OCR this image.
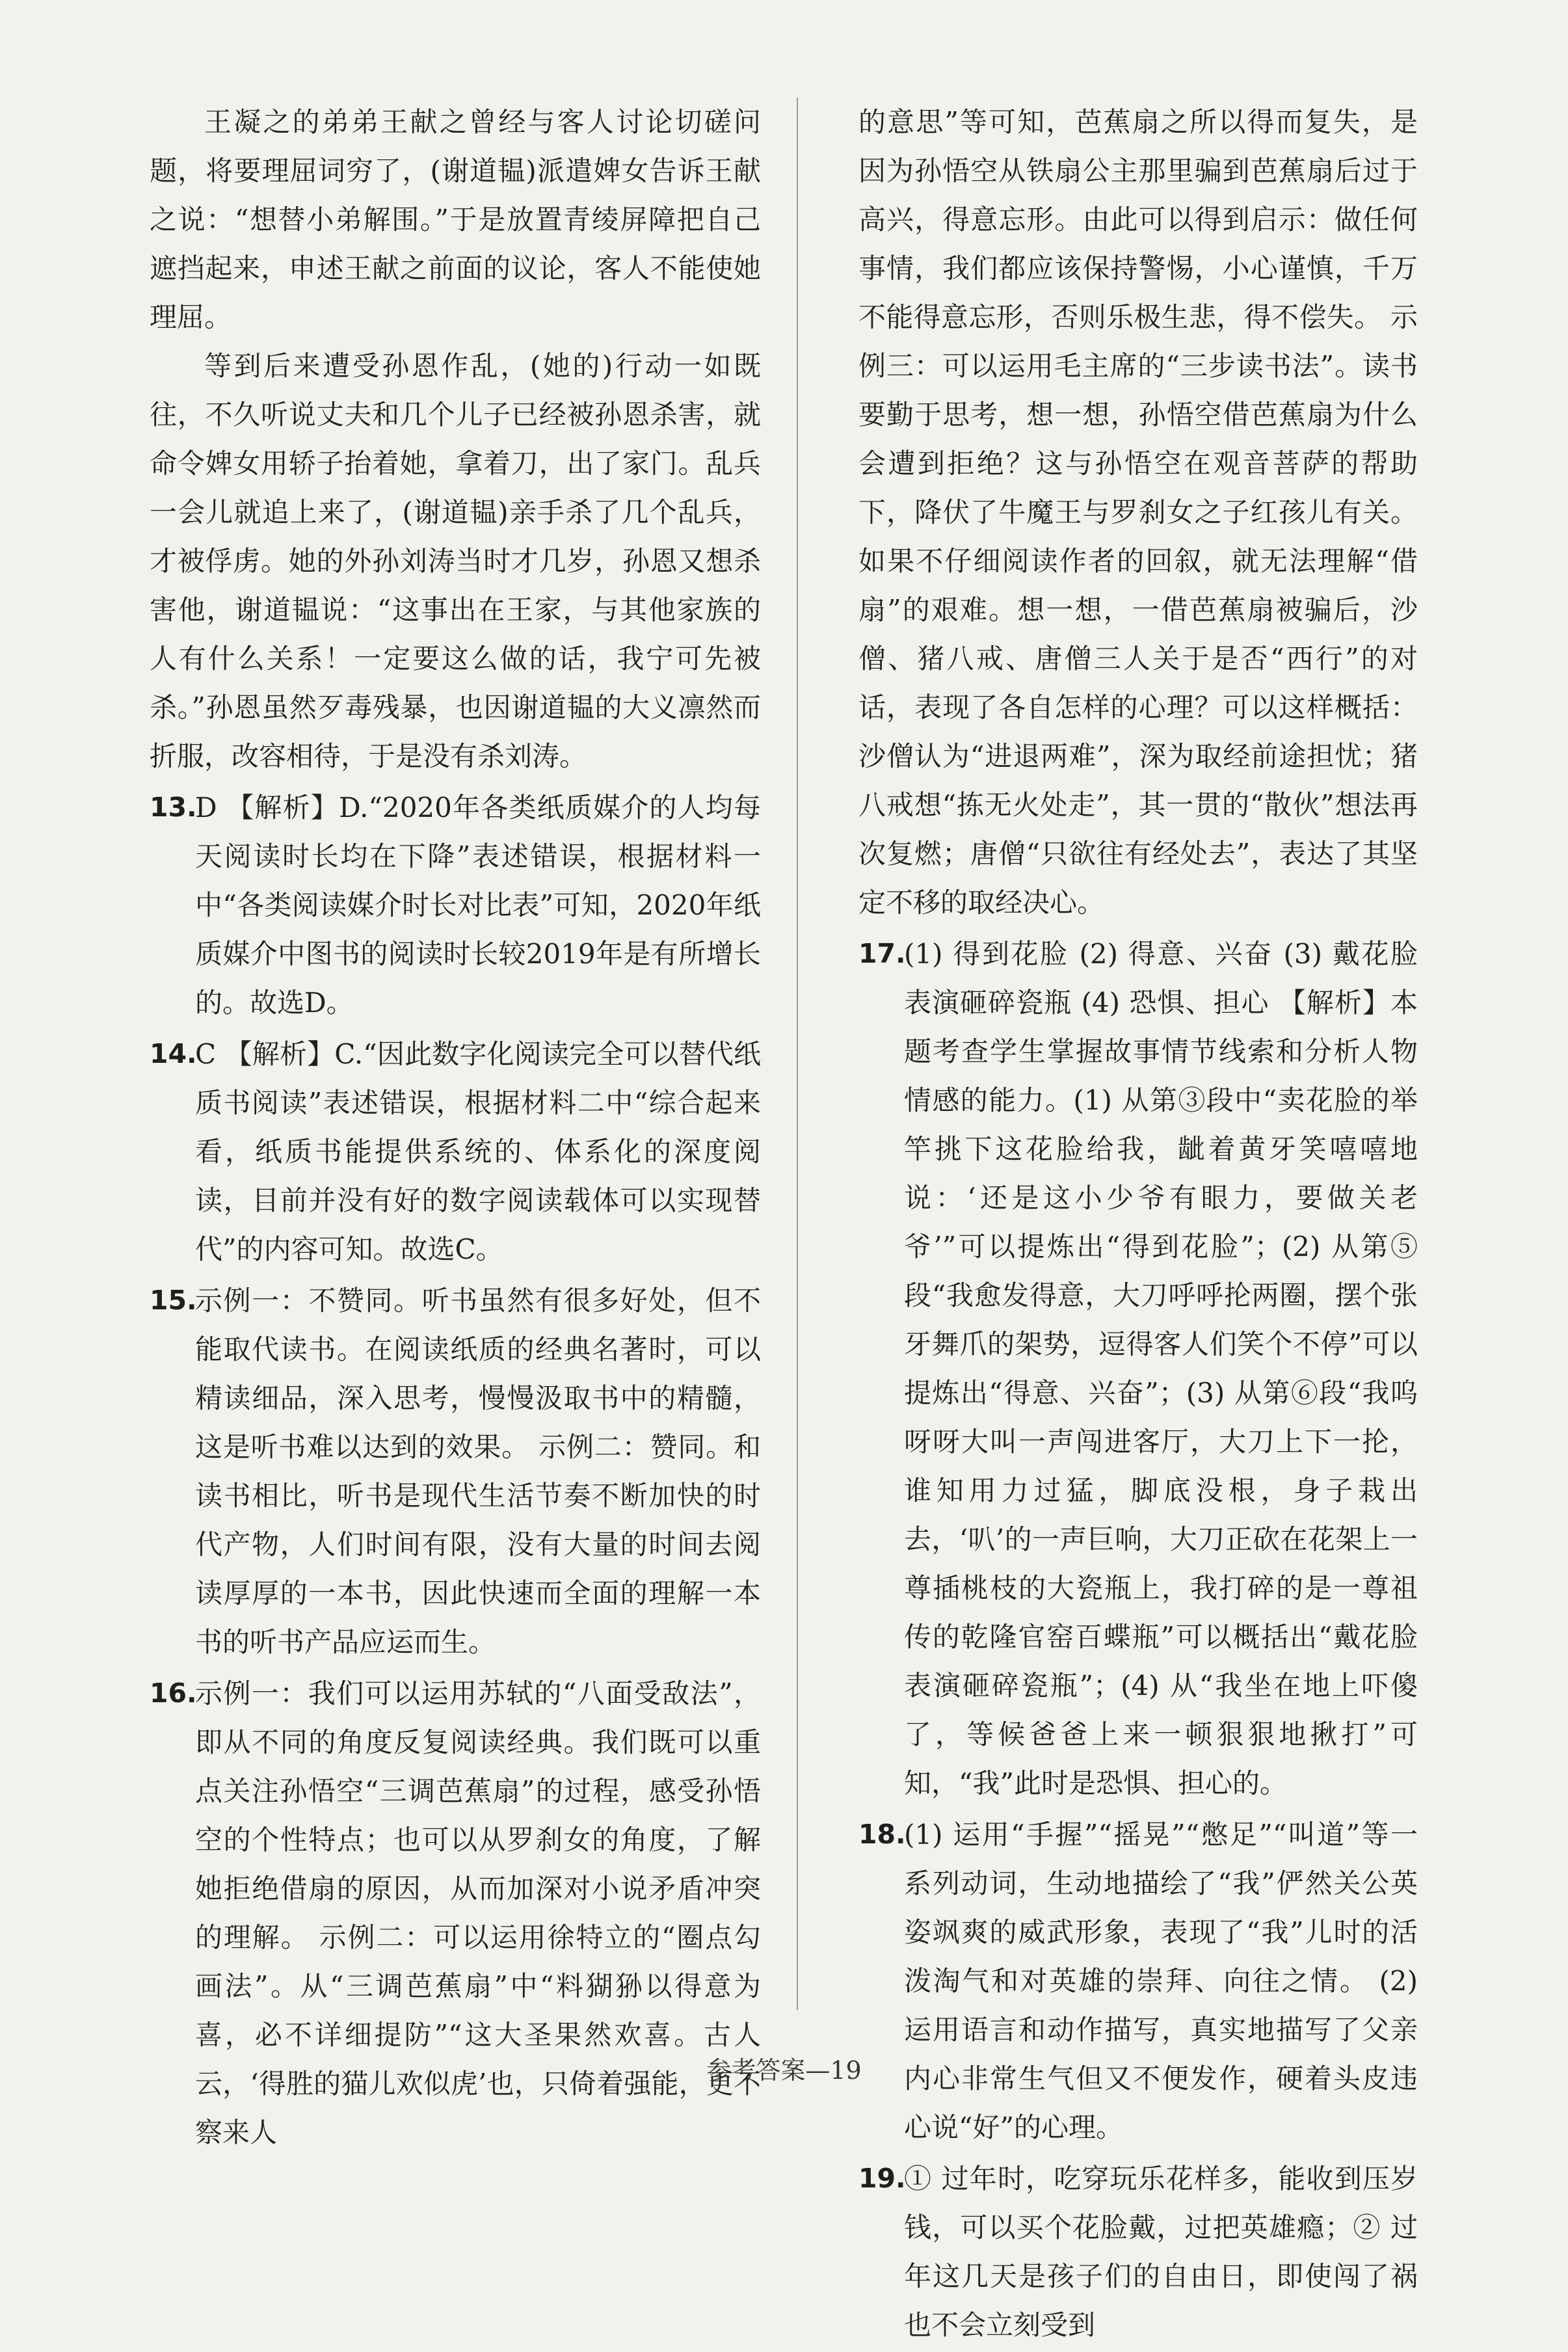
王凝之的弟弟王献之曾经与客人讨论切磋问题，将要理屈词穷了，(谢道韫)派遣婢女告诉王献之说：“想替小弟解围。”于是放置青绫屏障把自己遮挡起来，申述王献之前面的议论，客人不能使她理屈。

等到后来遭受孙恩作乱，(她的)行动一如既往，不久听说丈夫和几个儿子已经被孙恩杀害，就命令婢女用轿子抬着她，拿着刀，出了家门。乱兵一会儿就追上来了，(谢道韫)亲手杀了几个乱兵，才被俘虏。她的外孙刘涛当时才几岁，孙恩又想杀害他，谢道韫说：“这事出在王家，与其他家族的人有什么关系！一定要这么做的话，我宁可先被杀。”孙恩虽然歹毒残暴，也因谢道韫的大义凛然而折服，改容相待，于是没有杀刘涛。

13.

D 【解析】D.“2020年各类纸质媒介的人均每天阅读时长均在下降”表述错误，根据材料一中“各类阅读媒介时长对比表”可知，2020年纸质媒介中图书的阅读时长较2019年是有所增长的。故选D。

14.

C 【解析】C.“因此数字化阅读完全可以替代纸质书阅读”表述错误，根据材料二中“综合起来看，纸质书能提供系统的、体系化的深度阅读，目前并没有好的数字阅读载体可以实现替代”的内容可知。故选C。

15.

示例一：不赞同。听书虽然有很多好处，但不能取代读书。在阅读纸质的经典名著时，可以精读细品，深入思考，慢慢汲取书中的精髓，这是听书难以达到的效果。 示例二：赞同。和读书相比，听书是现代生活节奏不断加快的时代产物，人们时间有限，没有大量的时间去阅读厚厚的一本书，因此快速而全面的理解一本书的听书产品应运而生。

16.

示例一：我们可以运用苏轼的“八面受敌法”，即从不同的角度反复阅读经典。我们既可以重点关注孙悟空“三调芭蕉扇”的过程，感受孙悟空的个性特点；也可以从罗刹女的角度，了解她拒绝借扇的原因，从而加深对小说矛盾冲突的理解。 示例二：可以运用徐特立的“圈点勾画法”。从“三调芭蕉扇”中“料猢狲以得意为喜，必不详细提防”“这大圣果然欢喜。古人云，‘得胜的猫儿欢似虎’也，只倚着强能，更不察来人

的意思”等可知，芭蕉扇之所以得而复失，是因为孙悟空从铁扇公主那里骗到芭蕉扇后过于高兴，得意忘形。由此可以得到启示：做任何事情，我们都应该保持警惕，小心谨慎，千万不能得意忘形，否则乐极生悲，得不偿失。 示例三：可以运用毛主席的“三步读书法”。读书要勤于思考，想一想，孙悟空借芭蕉扇为什么会遭到拒绝？这与孙悟空在观音菩萨的帮助下，降伏了牛魔王与罗刹女之子红孩儿有关。如果不仔细阅读作者的回叙，就无法理解“借扇”的艰难。想一想，一借芭蕉扇被骗后，沙僧、猪八戒、唐僧三人关于是否“西行”的对话，表现了各自怎样的心理？可以这样概括：沙僧认为“进退两难”，深为取经前途担忧；猪八戒想“拣无火处走”，其一贯的“散伙”想法再次复燃；唐僧“只欲往有经处去”，表达了其坚定不移的取经决心。

17.

(1) 得到花脸 (2) 得意、兴奋 (3) 戴花脸表演砸碎瓷瓶 (4) 恐惧、担心 【解析】本题考查学生掌握故事情节线索和分析人物情感的能力。(1) 从第③段中“卖花脸的举竿挑下这花脸给我，龇着黄牙笑嘻嘻地说：‘还是这小少爷有眼力，要做关老爷’”可以提炼出“得到花脸”；(2) 从第⑤段“我愈发得意，大刀呼呼抡两圈，摆个张牙舞爪的架势，逗得客人们笑个不停”可以提炼出“得意、兴奋”；(3) 从第⑥段“我呜呀呀大叫一声闯进客厅，大刀上下一抡，谁知用力过猛，脚底没根，身子栽出去，‘叭’的一声巨响，大刀正砍在花架上一尊插桃枝的大瓷瓶上，我打碎的是一尊祖传的乾隆官窑百蝶瓶”可以概括出“戴花脸表演砸碎瓷瓶”；(4) 从“我坐在地上吓傻了，等候爸爸上来一顿狠狠地揪打”可知，“我”此时是恐惧、担心的。

18.

(1) 运用“手握”“摇晃”“憋足”“叫道”等一系列动词，生动地描绘了“我”俨然关公英姿飒爽的威武形象，表现了“我”儿时的活泼淘气和对英雄的崇拜、向往之情。 (2) 运用语言和动作描写，真实地描写了父亲内心非常生气但又不便发作，硬着头皮违心说“好”的心理。

19.

① 过年时，吃穿玩乐花样多，能收到压岁钱，可以买个花脸戴，过把英雄瘾；② 过年这几天是孩子们的自由日，即使闯了祸也不会立刻受到

参考答案—19
